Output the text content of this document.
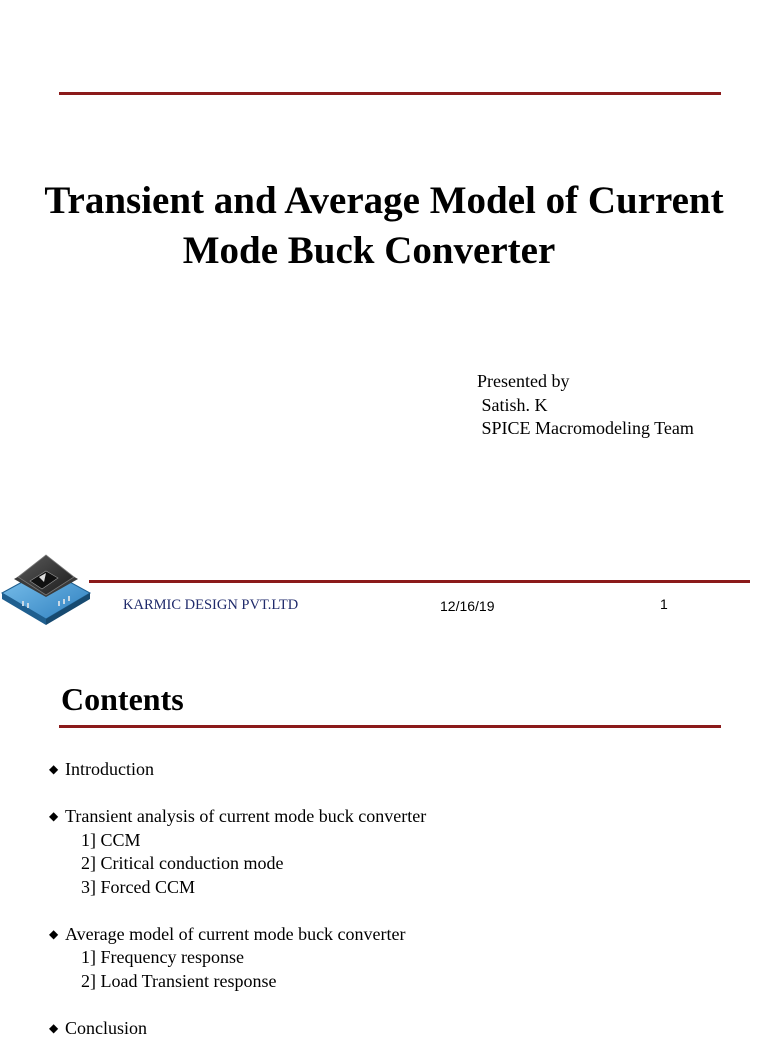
Transient and Average Model of Current
Mode Buck Converter
Presented by
Satish. K
SPICE Macromodeling Team
KARMIC DESIGN PVT.LTD	12/16/19	1
Contents
◆ Introduction
◆ Transient analysis of current mode buck converter
1] CCM
2] Critical conduction mode
3] Forced CCM
◆ Average model of current mode buck converter
1] Frequency response
2] Load Transient response
◆ Conclusion
